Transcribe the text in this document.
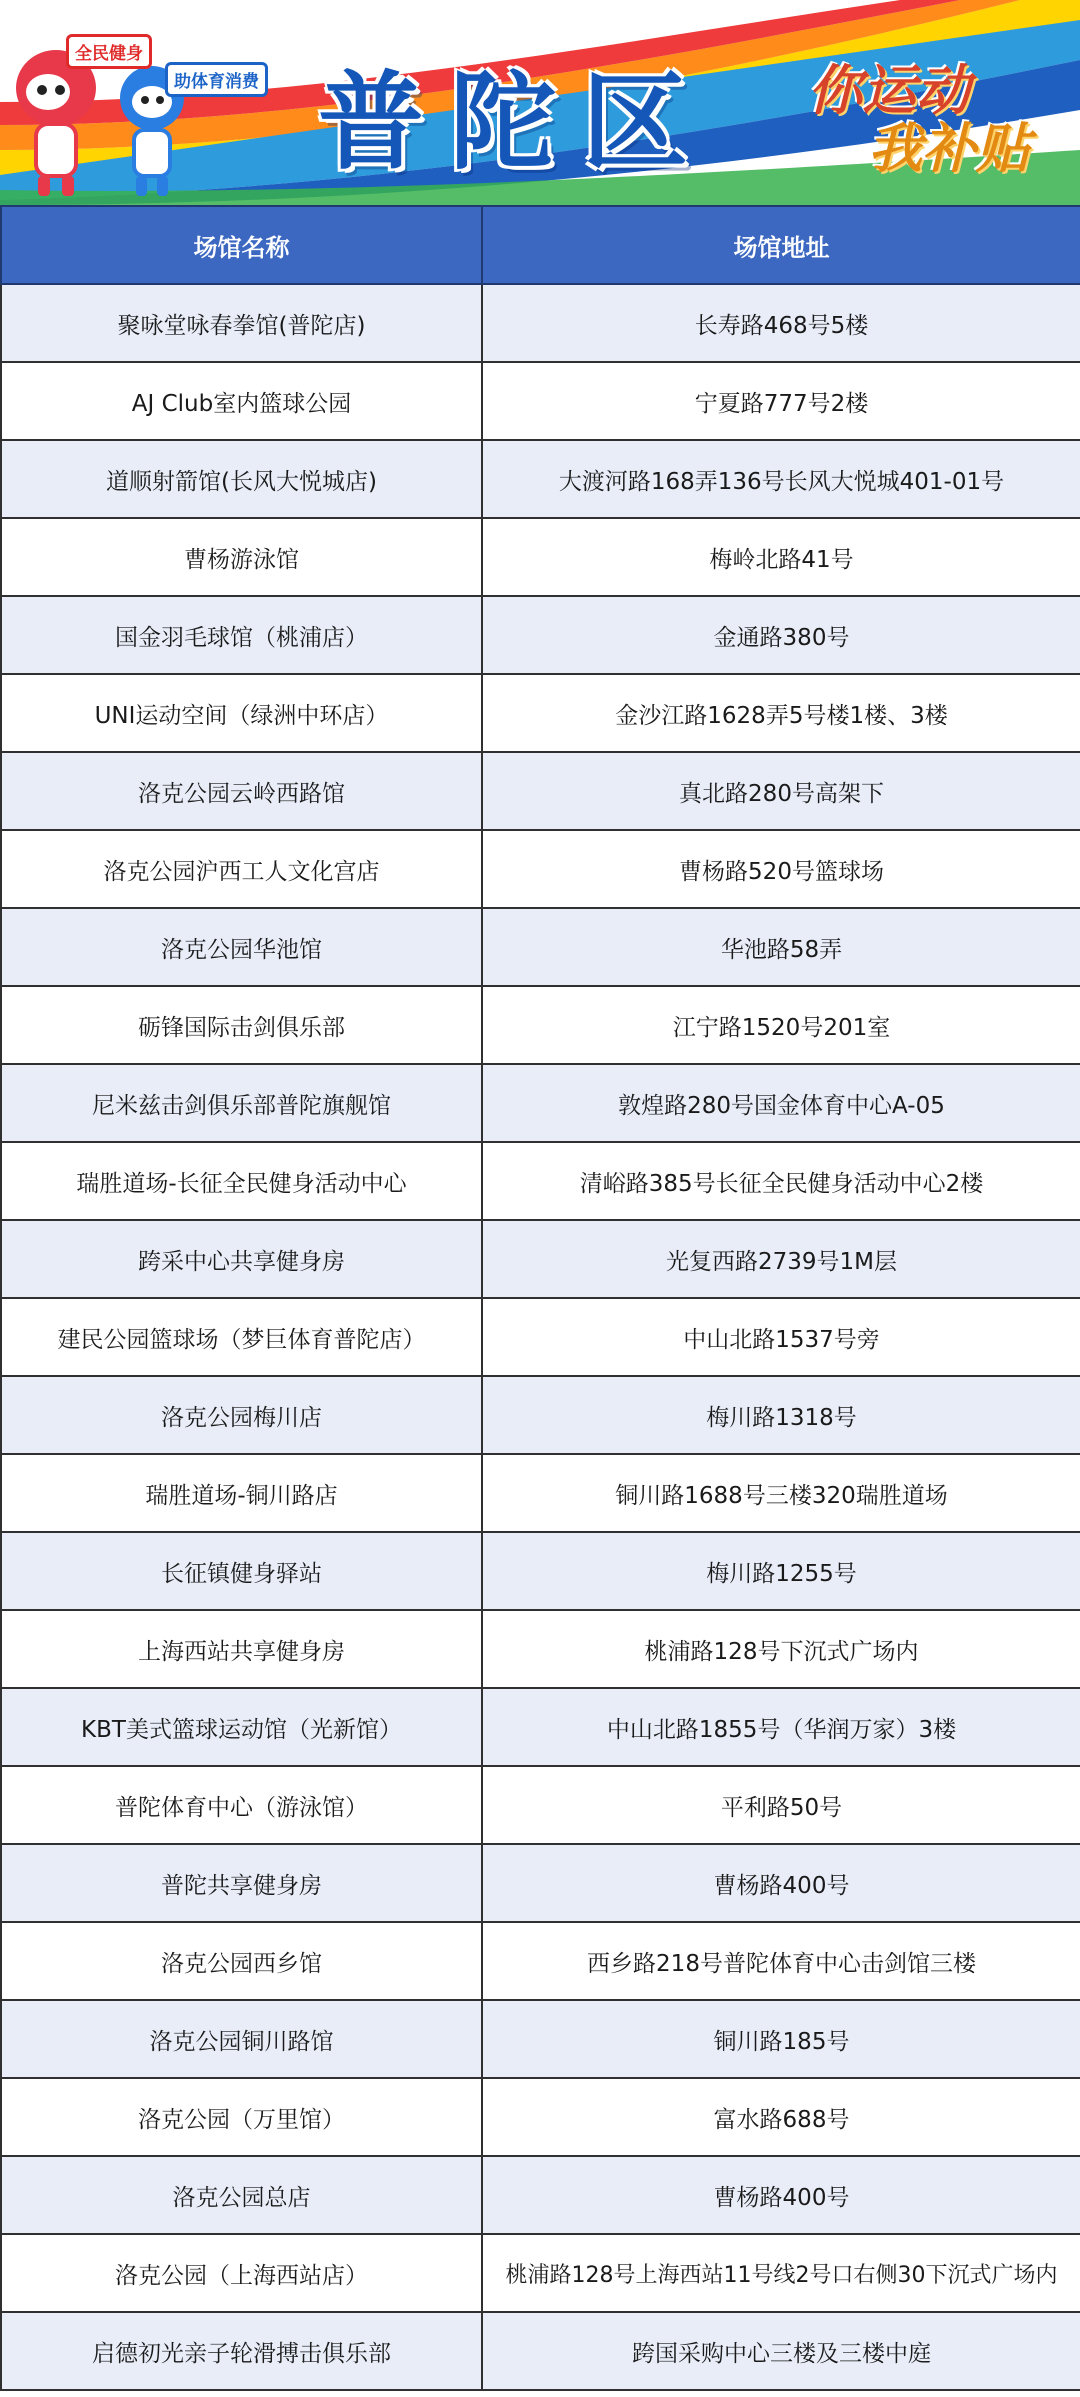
全民健身
助体育消费 普陀区 你运动
我补贴
场馆名称	场馆地址
聚咏堂咏春拳馆(普陀店)	长寿路468号5楼
AJ Club室内篮球公园	宁夏路777号2楼
道顺射箭馆(长风大悦城店)	大渡河路168弄136号长风大悦城401-01号
曹杨游泳馆	梅岭北路41号
国金羽毛球馆（桃浦店）	金通路380号
UNI运动空间（绿洲中环店）	金沙江路1628弄5号楼1楼、3楼
洛克公园云岭西路馆	真北路280号高架下
洛克公园沪西工人文化宫店	曹杨路520号篮球场
洛克公园华池馆	华池路58弄
砺锋国际击剑俱乐部	江宁路1520号201室
尼米兹击剑俱乐部普陀旗舰馆	敦煌路280号国金体育中心A-05
瑞胜道场-长征全民健身活动中心	清峪路385号长征全民健身活动中心2楼
跨采中心共享健身房	光复西路2739号1M层
建民公园篮球场（梦巨体育普陀店）	中山北路1537号旁
洛克公园梅川店	梅川路1318号
瑞胜道场-铜川路店	铜川路1688号三楼320瑞胜道场
长征镇健身驿站	梅川路1255号
上海西站共享健身房	桃浦路128号下沉式广场内
KBT美式篮球运动馆（光新馆）	中山北路1855号（华润万家）3楼
普陀体育中心（游泳馆）	平利路50号
普陀共享健身房	曹杨路400号
洛克公园西乡馆	西乡路218号普陀体育中心击剑馆三楼
洛克公园铜川路馆	铜川路185号
洛克公园（万里馆）	富水路688号
洛克公园总店	曹杨路400号
洛克公园（上海西站店）	桃浦路128号上海西站11号线2号口右侧30下沉式广场内
启德初光亲子轮滑搏击俱乐部	跨国采购中心三楼及三楼中庭
